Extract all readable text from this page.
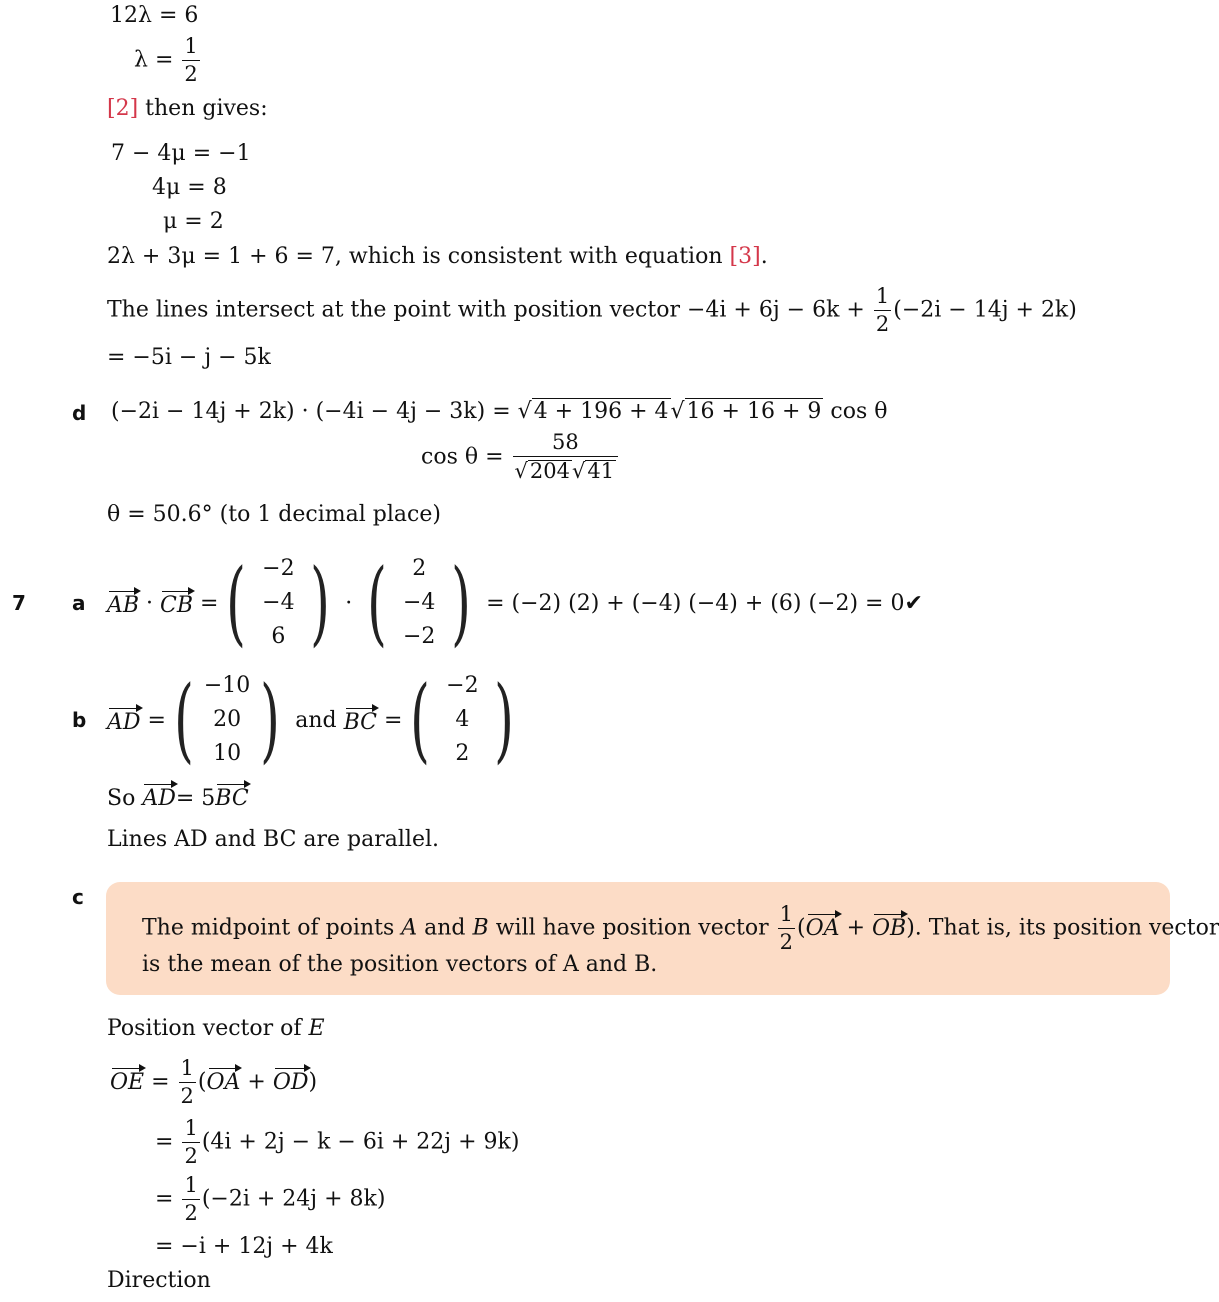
12λ = 6
$\lambda = \frac{1}{2}$
[2] then gives:
7 − 4μ = −1
4μ = 8
μ = 2
2λ + 3μ = 1 + 6 = 7, which is consistent with equation [3].
The lines intersect at the point with position vector $-4i + 6j - 6k + \frac{1}{2} (-2i - 14j + 2k)$
= −5i − j − 5k
d (−2i − 14j + 2k) · (−4i − 4j − 3k) = √4 + 196 + 4√16 + 16 + 9 cos θ
$\cos \theta = \frac{58}{√204√41}$
θ = 50.6° (to 1 decimal place)
7 a AB · CB = ( −2
−4
6 ) · ( 2
−4
−2 )
= (−2) (2) + (−4) (−4) + (6) (−2) = 0 ✔
b AD = ( −10
20
10 )
and
BC = ( −2
4
2 )
So AD= 5BC
Lines AD and BC are parallel.
c
The midpoint of points A and B will have position vector $\frac{1}{2} (OA + OB)$. That is, its position vector
is the mean of the position vectors of A and B.
Position vector of E
OE = $\frac{1}{2} (OA + OD)$
= $\frac{1}{2} (4i + 2j - k - 6i + 22j + 9k)$
= $\frac{1}{2} (-2i + 24j + 8k)$
= −i + 12j + 4k
Direction
